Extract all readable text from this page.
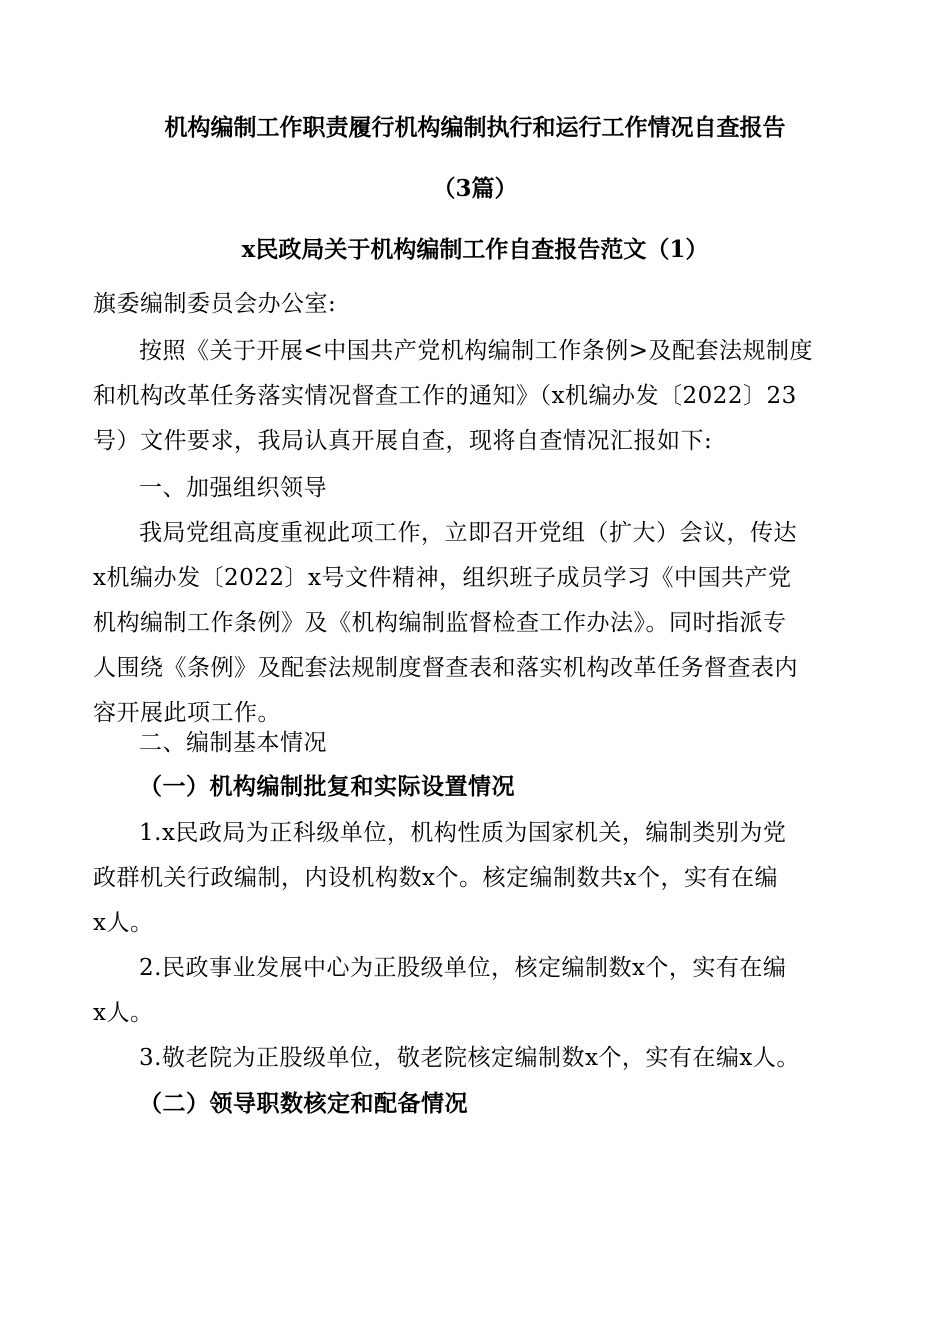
机构编制工作职责履行机构编制执行和运行工作情况自查报告
（3篇）
x民政局关于机构编制工作自查报告范文（1）
旗委编制委员会办公室:
按照《关于开展<中国共产党机构编制工作条例>及配套法规制度
和机构改革任务落实情况督查工作的通知》（x机编办发〔2022〕23
号）文件要求，我局认真开展自查，现将自查情况汇报如下:
一、加强组织领导
我局党组高度重视此项工作，立即召开党组（扩大）会议，传达
x机编办发〔2022〕x号文件精神，组织班子成员学习《中国共产党
机构编制工作条例》及《机构编制监督检查工作办法》。同时指派专
人围绕《条例》及配套法规制度督查表和落实机构改革任务督查表内
容开展此项工作。
二、编制基本情况
（一）机构编制批复和实际设置情况
1.x民政局为正科级单位，机构性质为国家机关，编制类别为党
政群机关行政编制，内设机构数x个。核定编制数共x个，实有在编
x人。
2.民政事业发展中心为正股级单位，核定编制数x个，实有在编
x人。
3.敬老院为正股级单位，敬老院核定编制数x个，实有在编x人。
（二）领导职数核定和配备情况
